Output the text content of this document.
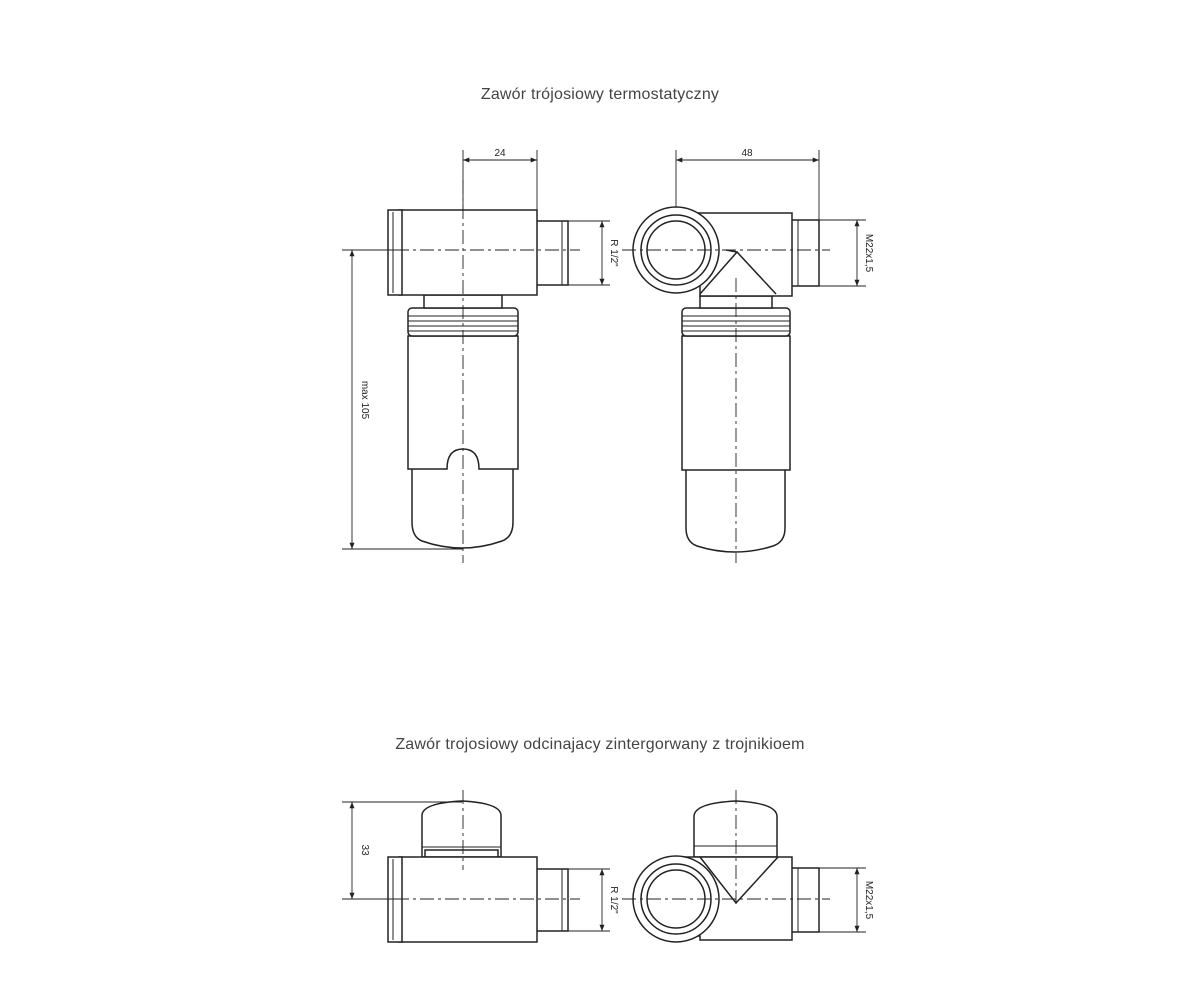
Zawór trójosiowy termostatyczny
Zawór trojosiowy odcinajacy zintergorwany z trojnikioem
24	48
R 1/2"	M22x1,5
max 105
33
R 1/2"	M22x1,5
